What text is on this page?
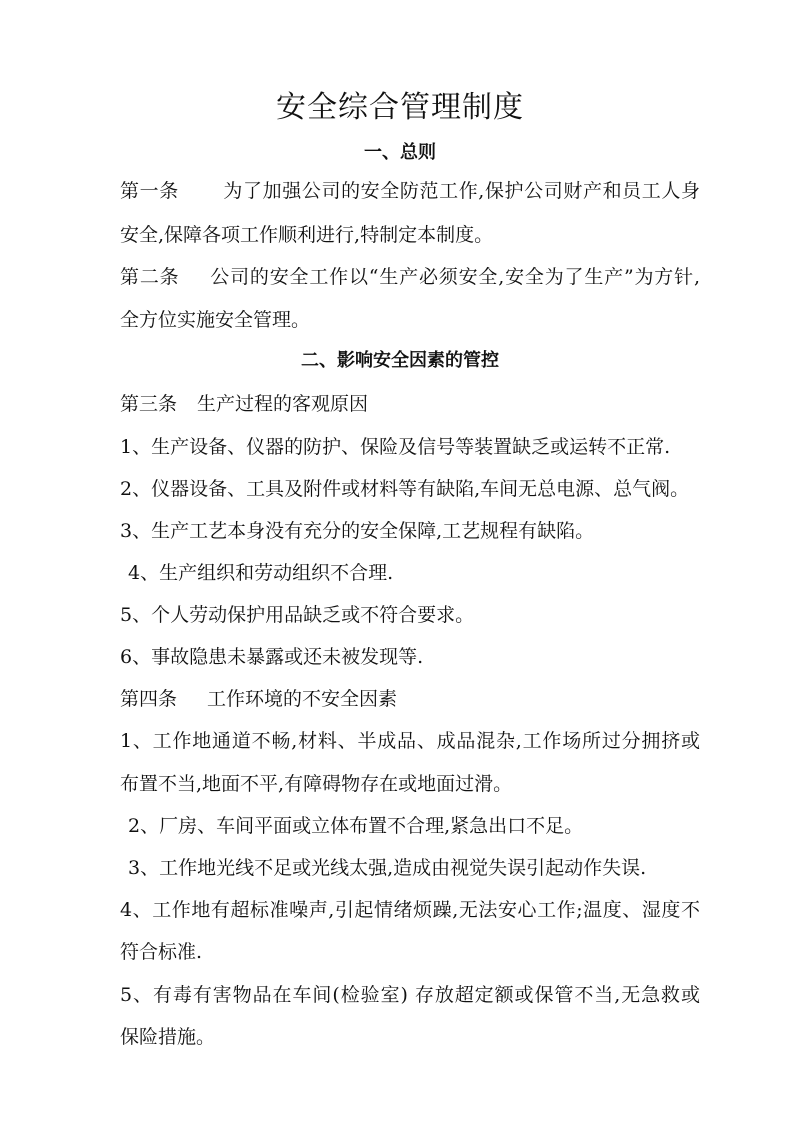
安全综合管理制度
一、总则
第一条 为了加强公司的安全防范工作,保护公司财产和员工人身
安全,保障各项工作顺利进行,特制定本制度。
第二条 公司的安全工作以“生产必须安全,安全为了生产”为方针,
全方位实施安全管理。
二、影响安全因素的管控
第三条 生产过程的客观原因
1、生产设备、仪器的防护、保险及信号等装置缺乏或运转不正常.
2、仪器设备、工具及附件或材料等有缺陷,车间无总电源、总气阀。
3、生产工艺本身没有充分的安全保障,工艺规程有缺陷。
4、生产组织和劳动组织不合理.
5、个人劳动保护用品缺乏或不符合要求。
6、事故隐患未暴露或还未被发现等.
第四条 工作环境的不安全因素
1、工作地通道不畅,材料、半成品、成品混杂,工作场所过分拥挤或
布置不当,地面不平,有障碍物存在或地面过滑。
2、厂房、车间平面或立体布置不合理,紧急出口不足。
3、工作地光线不足或光线太强,造成由视觉失误引起动作失误.
4、工作地有超标准噪声,引起情绪烦躁,无法安心工作;温度、湿度不
符合标准.
5、有毒有害物品在车间(检验室) 存放超定额或保管不当,无急救或
保险措施。
